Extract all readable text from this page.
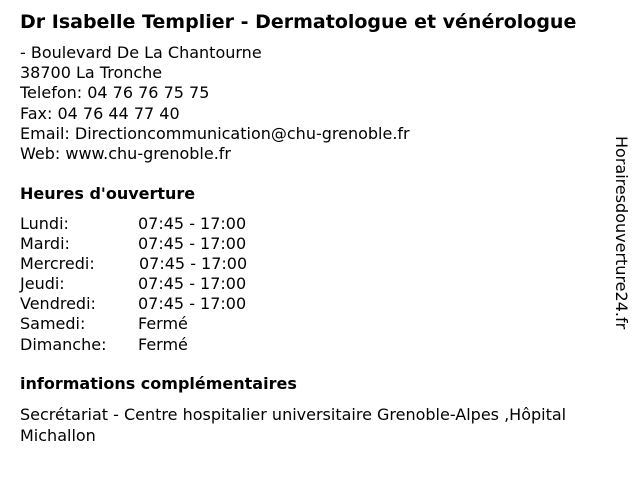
Dr Isabelle Templier - Dermatologue et vénérologue
- Boulevard De La Chantourne
38700 La Tronche
Telefon: 04 76 76 75 75
Fax: 04 76 44 77 40
Email: Directioncommunication@chu-grenoble.fr
Web: www.chu-grenoble.fr
Heures d'ouverture
Lundi:	07:45 - 17:00
Mardi:	07:45 - 17:00
Mercredi:	07:45 - 17:00
Jeudi:	07:45 - 17:00
Vendredi:	07:45 - 17:00
Samedi:	Fermé
Dimanche: Fermé
informations complémentaires
Secrétariat - Centre hospitalier universitaire Grenoble-Alpes ,Hôpital Michallon
Horairesdouverture24.fr
